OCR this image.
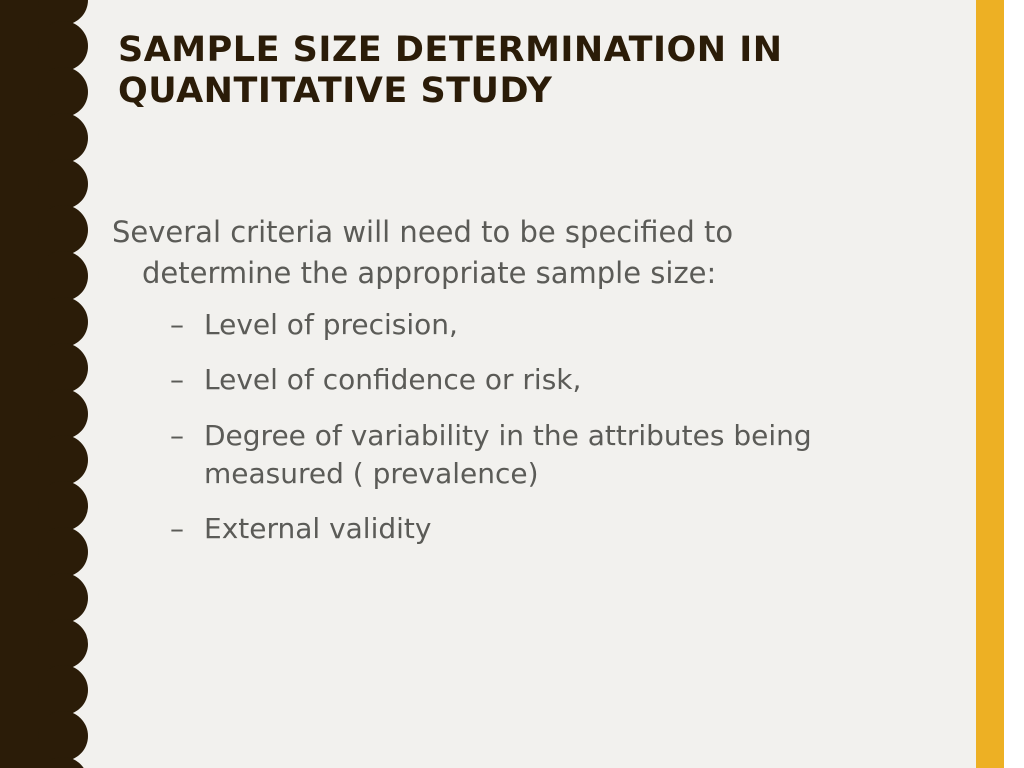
SAMPLE SIZE DETERMINATION IN QUANTITATIVE STUDY

Several criteria will need to be specified to
determine the appropriate sample size:

– Level of precision,
– Level of confidence or risk,
– Degree of variability in the attributes being
measured ( prevalence)
– External validity
